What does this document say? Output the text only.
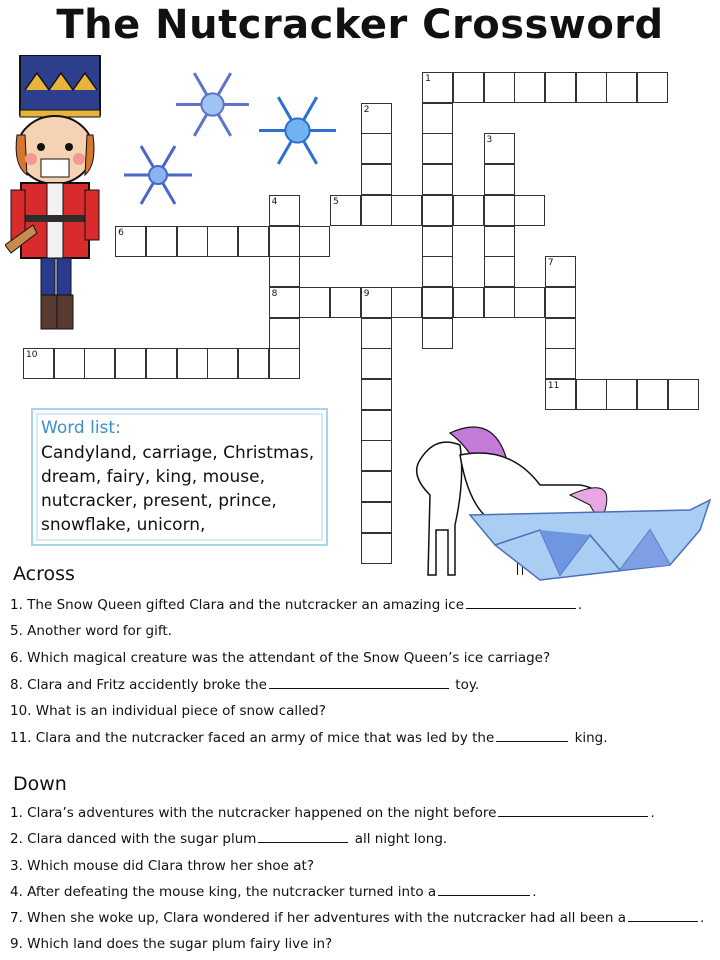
The Nutcracker Crossword
1
2
3
4
8
5
6
7
11
9
10
Word list:
Candyland, carriage, Christmas, dream, fairy, king, mouse, nutcracker, present, prince, snowflake, unicorn,
Across
1. The Snow Queen gifted Clara and the nutcracker an amazing ice	.
5. Another word for gift.
6. Which magical creature was the attendant of the Snow Queen’s ice carriage?
8. Clara and Fritz accidently broke the	toy.
10. What is an individual piece of snow called?
11. Clara and the nutcracker faced an army of mice that was led by the	king.
Down
1. Clara’s adventures with the nutcracker happened on the night before	.
2. Clara danced with the sugar plum	all night long.
3. Which mouse did Clara throw her shoe at?
4. After defeating the mouse king, the nutcracker turned into a	.
7. When she woke up, Clara wondered if her adventures with the nutcracker had all been a	.
9. Which land does the sugar plum fairy live in?
